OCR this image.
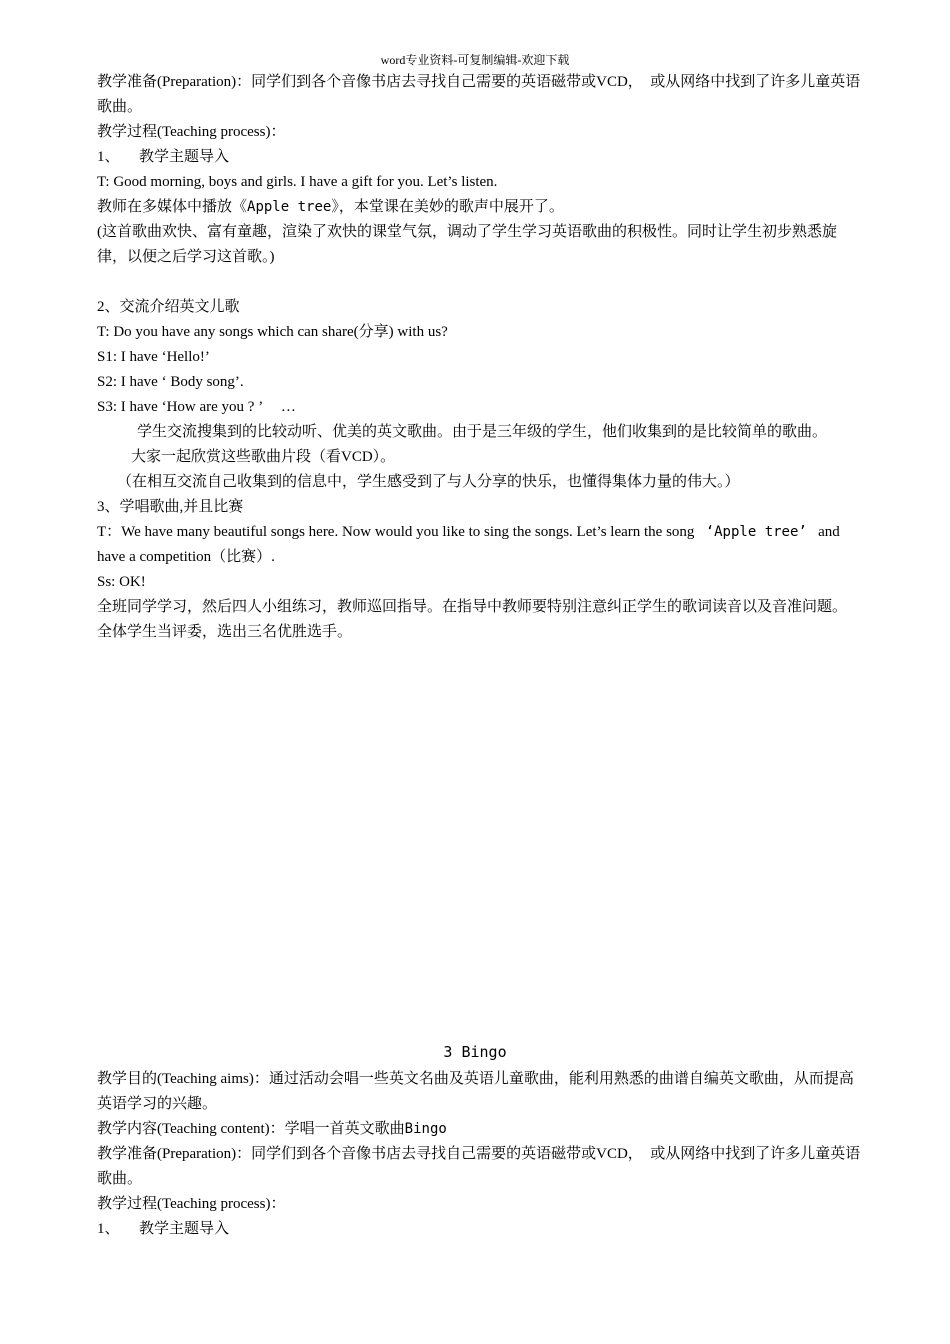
word专业资料-可复制编辑-欢迎下载

教学准备(Preparation)：同学们到各个音像书店去寻找自己需要的英语磁带或VCD，　或从网络中找到了许多儿童英语歌曲。

教学过程(Teaching process)：

1、 教学主题导入

T: Good morning, boys and girls. I have a gift for you. Let’s listen.

教师在多媒体中播放《Apple tree》，本堂课在美妙的歌声中展开了。

(这首歌曲欢快、富有童趣，渲染了欢快的课堂气氛，调动了学生学习英语歌曲的积极性。同时让学生初步熟悉旋律，以便之后学习这首歌。)

2、交流介绍英文儿歌

T: Do you have any songs which can share(分享) with us?

S1: I have ‘Hello!’

S2: I have ‘ Body song’.

S3: I have ‘How are you ? ’　 …

学生交流搜集到的比较动听、优美的英文歌曲。由于是三年级的学生，他们收集到的是比较简单的歌曲。

大家一起欣赏这些歌曲片段（看VCD）。

（在相互交流自己收集到的信息中，学生感受到了与人分享的快乐，也懂得集体力量的伟大。）

3、学唱歌曲,并且比赛

T：We have many beautiful songs here. Now would you like to sing the songs. Let’s learn the song ‘Apple tree’ and have a competition（比赛）.

Ss: OK!

全班同学学习，然后四人小组练习，教师巡回指导。在指导中教师要特别注意纠正学生的歌词读音以及音准问题。

全体学生当评委，选出三名优胜选手。

3 Bingo

教学目的(Teaching aims)：通过活动会唱一些英文名曲及英语儿童歌曲，能利用熟悉的曲谱自编英文歌曲，从而提高英语学习的兴趣。

教学内容(Teaching content)：学唱一首英文歌曲Bingo

教学准备(Preparation)：同学们到各个音像书店去寻找自己需要的英语磁带或VCD，　或从网络中找到了许多儿童英语歌曲。

教学过程(Teaching process)：

1、 教学主题导入
